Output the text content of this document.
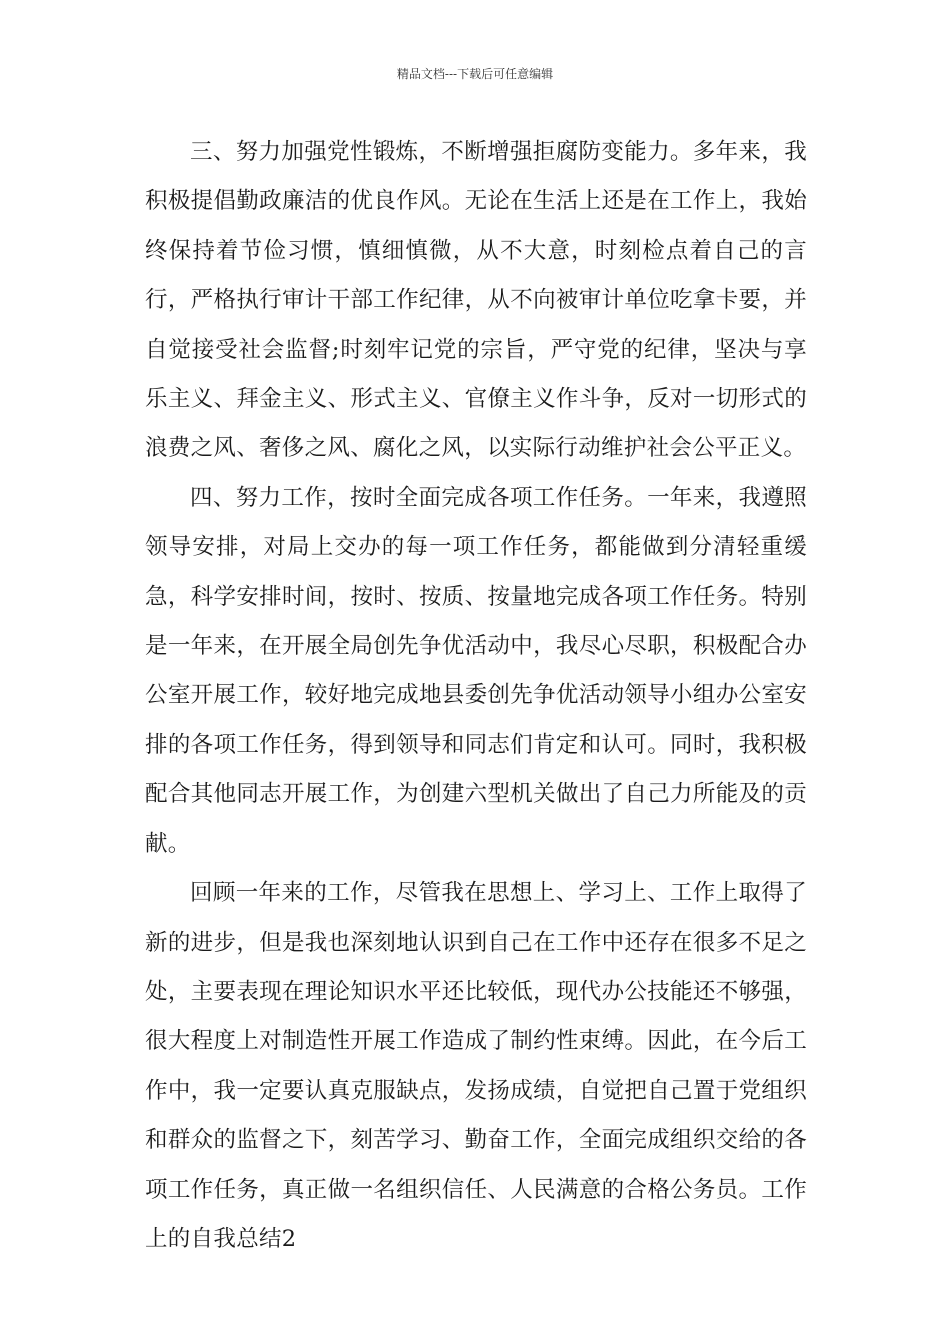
精品文档---下载后可任意编辑

三、努力加强党性锻炼，不断增强拒腐防变能力。多年来，我积极提倡勤政廉洁的优良作风。无论在生活上还是在工作上，我始终保持着节俭习惯，慎细慎微，从不大意，时刻检点着自己的言行，严格执行审计干部工作纪律，从不向被审计单位吃拿卡要，并自觉接受社会监督;时刻牢记党的宗旨，严守党的纪律，坚决与享乐主义、拜金主义、形式主义、官僚主义作斗争，反对一切形式的浪费之风、奢侈之风、腐化之风，以实际行动维护社会公平正义。

四、努力工作，按时全面完成各项工作任务。一年来，我遵照领导安排，对局上交办的每一项工作任务，都能做到分清轻重缓急，科学安排时间，按时、按质、按量地完成各项工作任务。特别是一年来，在开展全局创先争优活动中，我尽心尽职，积极配合办公室开展工作，较好地完成地县委创先争优活动领导小组办公室安排的各项工作任务，得到领导和同志们肯定和认可。同时，我积极配合其他同志开展工作，为创建六型机关做出了自己力所能及的贡献。

回顾一年来的工作，尽管我在思想上、学习上、工作上取得了新的进步，但是我也深刻地认识到自己在工作中还存在很多不足之处，主要表现在理论知识水平还比较低，现代办公技能还不够强，很大程度上对制造性开展工作造成了制约性束缚。因此，在今后工作中，我一定要认真克服缺点，发扬成绩，自觉把自己置于党组织和群众的监督之下，刻苦学习、勤奋工作，全面完成组织交给的各项工作任务，真正做一名组织信任、人民满意的合格公务员。工作上的自我总结2
